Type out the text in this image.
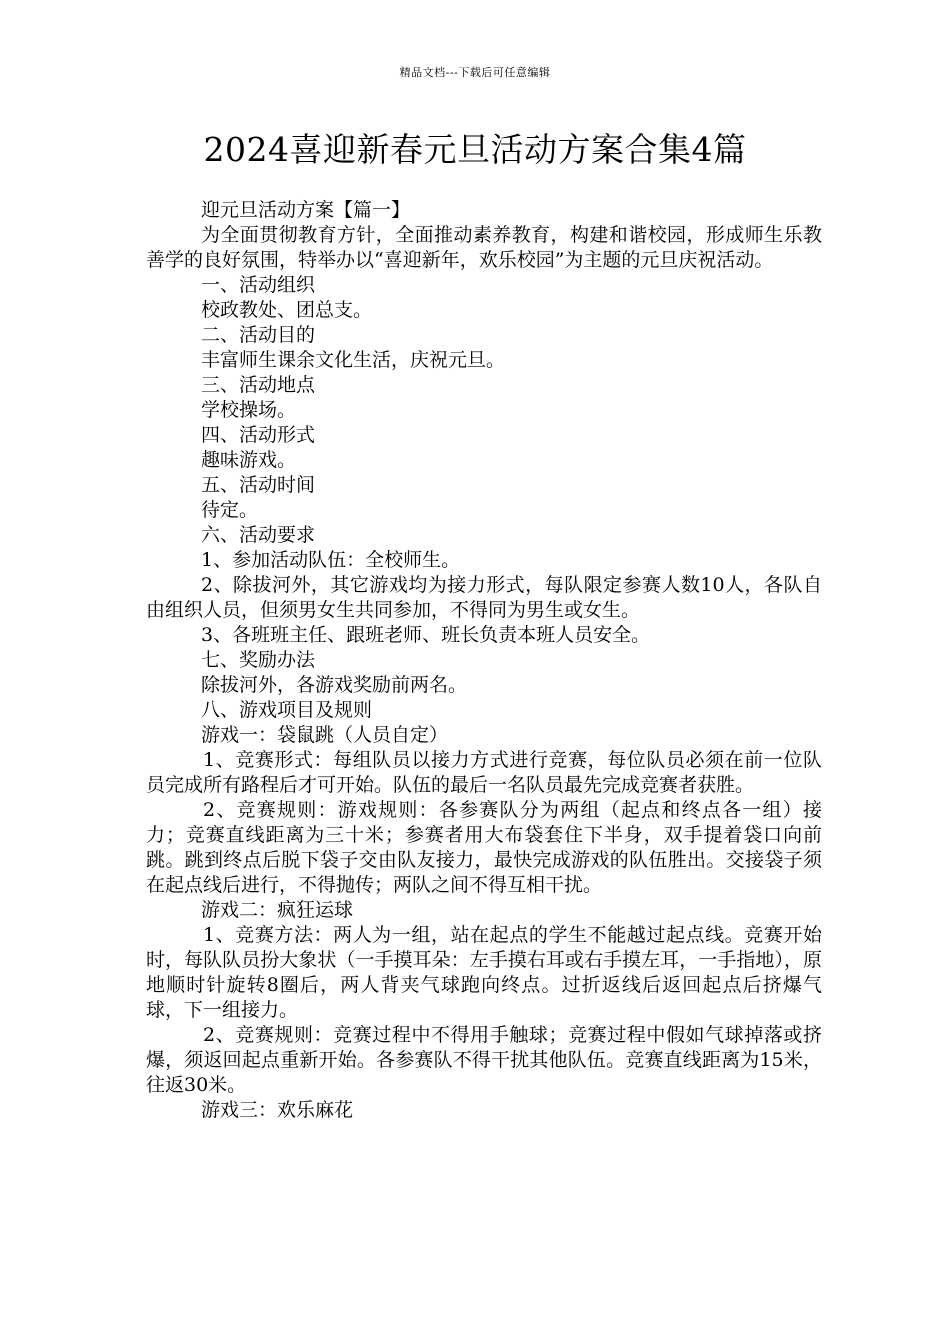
精品文档---下载后可任意编辑
2024喜迎新春元旦活动方案合集4篇

迎元旦活动方案【篇一】

为全面贯彻教育方针，全面推动素养教育，构建和谐校园，形成师生乐教善学的良好氛围，特举办以“喜迎新年，欢乐校园”为主题的元旦庆祝活动。

一、活动组织

校政教处、团总支。

二、活动目的

丰富师生课余文化生活，庆祝元旦。

三、活动地点

学校操场。

四、活动形式

趣味游戏。

五、活动时间

待定。

六、活动要求

1、参加活动队伍：全校师生。

2、除拔河外，其它游戏均为接力形式，每队限定参赛人数10人，各队自由组织人员，但须男女生共同参加，不得同为男生或女生。

3、各班班主任、跟班老师、班长负责本班人员安全。

七、奖励办法

除拔河外，各游戏奖励前两名。

八、游戏项目及规则

游戏一：袋鼠跳（人员自定）

1、竞赛形式：每组队员以接力方式进行竞赛，每位队员必须在前一位队员完成所有路程后才可开始。队伍的最后一名队员最先完成竞赛者获胜。

2、竞赛规则：游戏规则：各参赛队分为两组（起点和终点各一组）接力；竞赛直线距离为三十米；参赛者用大布袋套住下半身，双手提着袋口向前跳。跳到终点后脱下袋子交由队友接力，最快完成游戏的队伍胜出。交接袋子须在起点线后进行，不得抛传；两队之间不得互相干扰。

游戏二：疯狂运球

1、竞赛方法：两人为一组，站在起点的学生不能越过起点线。竞赛开始时，每队队员扮大象状（一手摸耳朵：左手摸右耳或右手摸左耳，一手指地），原地顺时针旋转8圈后，两人背夹气球跑向终点。过折返线后返回起点后挤爆气球，下一组接力。

2、竞赛规则：竞赛过程中不得用手触球；竞赛过程中假如气球掉落或挤爆，须返回起点重新开始。各参赛队不得干扰其他队伍。竞赛直线距离为15米，往返30米。

游戏三：欢乐麻花
